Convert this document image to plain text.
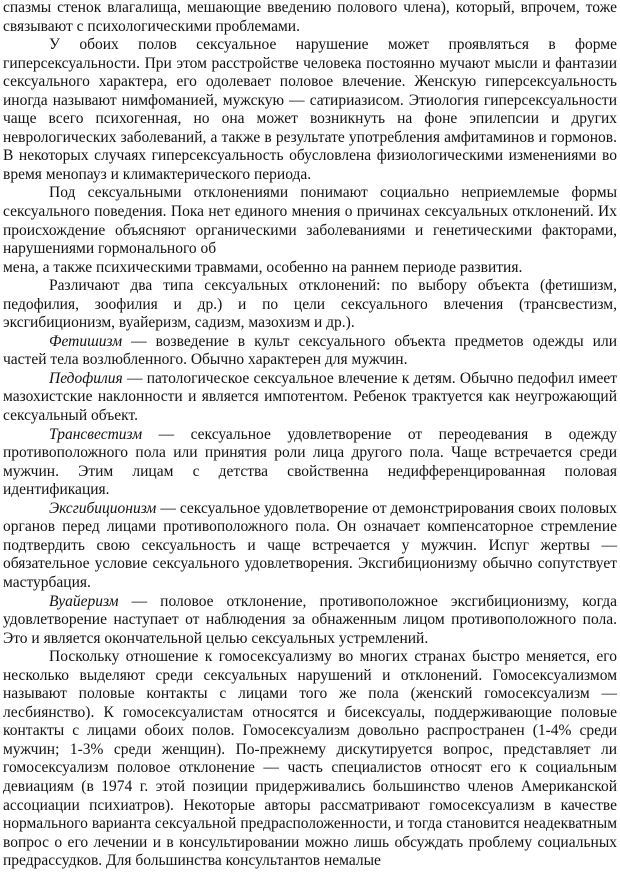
спазмы стенок влагалища, мешающие введению полового члена), который, впрочем, тоже связывают с психологическими проблемами.

У обоих полов сексуальное нарушение может проявляться в форме гиперсексуальности. При этом расстройстве человека постоянно мучают мысли и фантазии сексуального характера, его одолевает половое влечение. Женскую гиперсексуальность иногда называют нимфоманией, мужскую — сатириазисом. Этиология гиперсексуальности чаще всего психогенная, но она может возникнуть на фоне эпилепсии и других неврологических заболеваний, а также в результате употребления амфитаминов и гормонов. В некоторых случаях гиперсексуальность обусловлена физиологическими изменениями во время менопауз и климактерического периода.

Под сексуальными отклонениями понимают социально неприемлемые формы сексуального поведения. Пока нет единого мнения о причинах сексуальных отклонений. Их происхождение объясняют органическими заболеваниями и генетическими факторами, нарушениями гормонального об

мена, а также психическими травмами, особенно на раннем периоде развития.

Различают два типа сексуальных отклонений: по выбору объекта (фетишизм, педофилия, зоофилия и др.) и по цели сексуального влечения (трансвестизм, эксгибиционизм, вуайеризм, садизм, мазохизм и др.).

Фетишизм — возведение в культ сексуального объекта предметов одежды или частей тела возлюбленного. Обычно характерен для мужчин.

Педофилия — патологическое сексуальное влечение к детям. Обычно педофил имеет мазохистские наклонности и является импотентом. Ребенок трактуется как неугрожающий сексуальный объект.

Трансвестизм — сексуальное удовлетворение от переодевания в одежду противоположного пола или принятия роли лица другого пола. Чаще встречается среди мужчин. Этим лицам с детства свойственна недифференцированная половая идентификация.

Эксгибиционизм — сексуальное удовлетворение от демонстрирования своих половых органов перед лицами противоположного пола. Он означает компенсаторное стремление подтвердить свою сексуальность и чаще встречается у мужчин. Испуг жертвы — обязательное условие сексуального удовлетворения. Эксгибиционизму обычно сопутствует мастурбация.

Вуайеризм — половое отклонение, противоположное эксгибиционизму, когда удовлетворение наступает от наблюдения за обнаженным лицом противоположного пола. Это и является окончательной целью сексуальных устремлений.

Поскольку отношение к гомосексуализму во многих странах быстро меняется, его несколько выделяют среди сексуальных нарушений и отклонений. Гомосексуализмом называют половые контакты с лицами того же пола (женский гомосексуализм — лесбиянство). К гомосексуалистам относятся и бисексуалы, поддерживающие половые контакты с лицами обоих полов. Гомосексуализм довольно распространен (1-4% среди мужчин; 1-3% среди женщин). По-прежнему дискутируется вопрос, представляет ли гомосексуализм половое отклонение — часть специалистов относят его к социальным девиациям (в 1974 г. этой позиции придерживались большинство членов Американской ассоциации психиатров). Некоторые авторы рассматривают гомосексуализм в качестве нормального варианта сексуальной предрасположенности, и тогда становится неадекватным вопрос о его лечении и в консультировании можно лишь обсуждать проблему социальных предрассудков. Для большинства консультантов немалые
